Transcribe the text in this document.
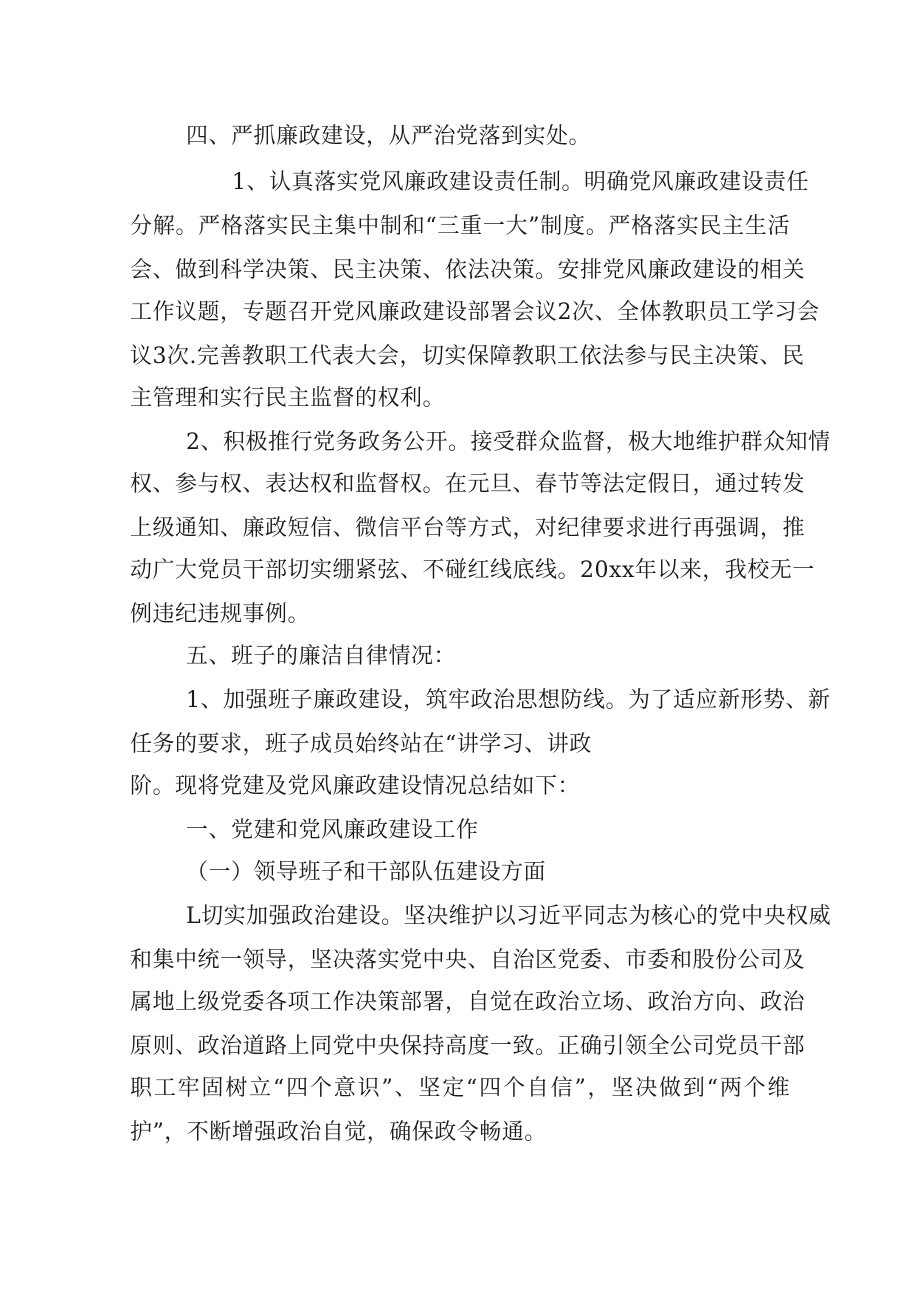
四、严抓廉政建设，从严治党落到实处。
1、认真落实党风廉政建设责任制。明确党风廉政建设责任
分解。严格落实民主集中制和“三重一大”制度。严格落实民主生活
会、做到科学决策、民主决策、依法决策。安排党风廉政建设的相关
工作议题，专题召开党风廉政建设部署会议2次、全体教职员工学习会
议3次.完善教职工代表大会，切实保障教职工依法参与民主决策、民
主管理和实行民主监督的权利。
2、积极推行党务政务公开。接受群众监督，极大地维护群众知情
权、参与权、表达权和监督权。在元旦、春节等法定假日，通过转发
上级通知、廉政短信、微信平台等方式，对纪律要求进行再强调，推
动广大党员干部切实绷紧弦、不碰红线底线。20xx年以来，我校无一
例违纪违规事例。
五、班子的廉洁自律情况：
1、加强班子廉政建设，筑牢政治思想防线。为了适应新形势、新
任务的要求，班子成员始终站在“讲学习、讲政
阶。现将党建及党风廉政建设情况总结如下：
一、党建和党风廉政建设工作
（一）领导班子和干部队伍建设方面
L切实加强政治建设。坚决维护以习近平同志为核心的党中央权威
和集中统一领导，坚决落实党中央、自治区党委、市委和股份公司及
属地上级党委各项工作决策部署，自觉在政治立场、政治方向、政治
原则、政治道路上同党中央保持高度一致。正确引领全公司党员干部
职工牢固树立“四个意识”、坚定“四个自信”，坚决做到“两个维
护”，不断增强政治自觉，确保政令畅通。
